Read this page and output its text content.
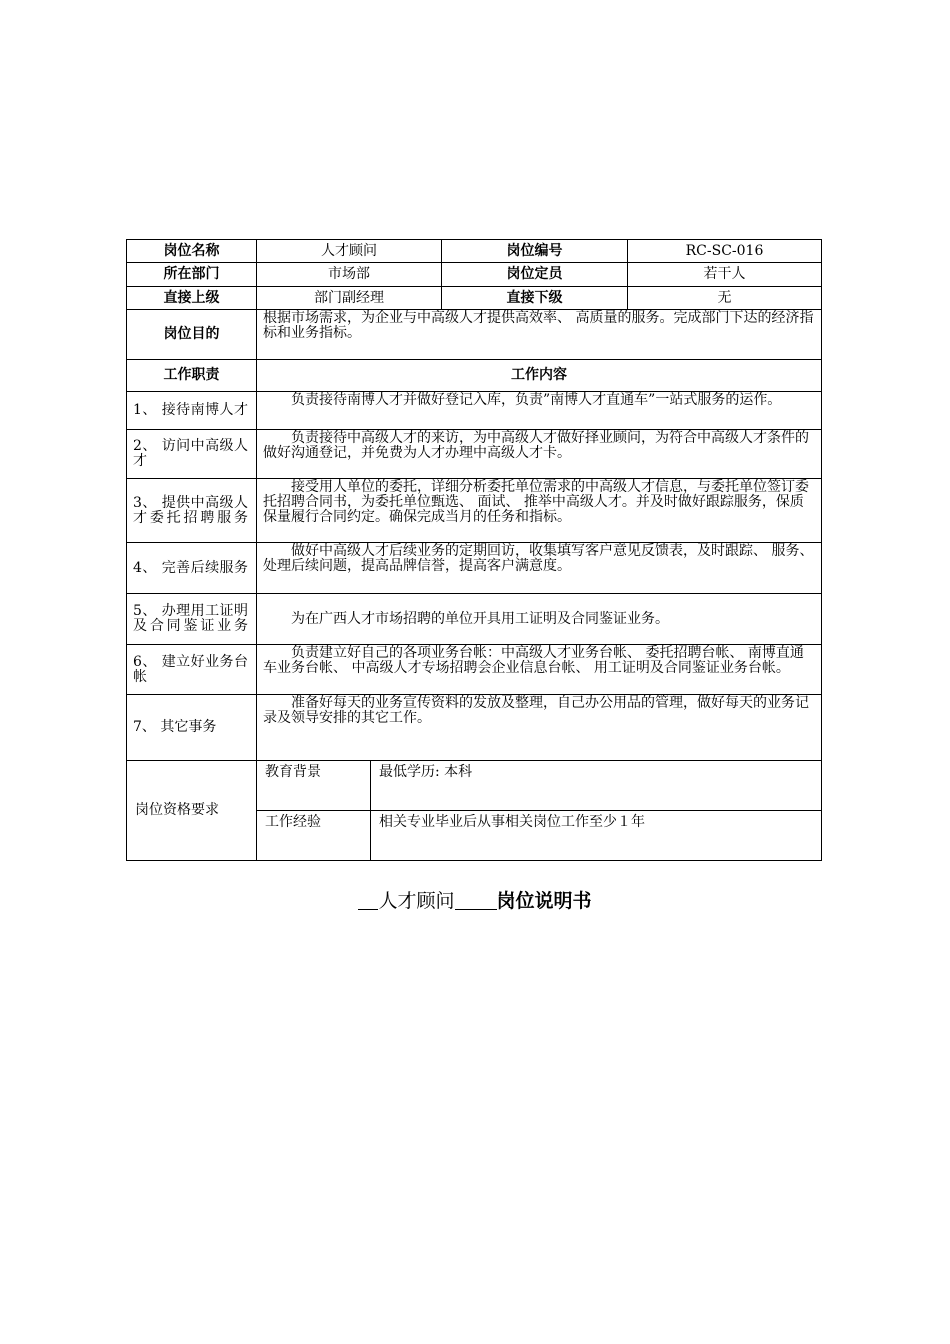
岗位名称	人才顾问		岗位编号	RC-SC-016
所在部门	市场部		岗位定员	若干人
直接上级	部门副经理		直接下级	无
岗位目的	根据市场需求，为企业与中高级人才提供高效率、 高质量的服务。完成部门下达的经济指标和业务指标。			
工作职责	工作内容			
1、 接待南博人才	负责接待南博人才并做好登记入库，负责”南博人才直通车”一站式服务的运作。			
2、 访问中高级人才	负责接待中高级人才的来访，为中高级人才做好择业顾问，为符合中高级人才条件的做好沟通登记，并免费为人才办理中高级人才卡。			
3、 提供中高级人才委托招聘服务	接受用人单位的委托，详细分析委托单位需求的中高级人才信息，与委托单位签订委托招聘合同书，为委托单位甄选、 面试、 推举中高级人才。并及时做好跟踪服务，保质保量履行合同约定。确保完成当月的任务和指标。			
4、 完善后续服务	做好中高级人才后续业务的定期回访，收集填写客户意见反馈表，及时跟踪、 服务、 处理后续问题，提高品牌信誉，提高客户满意度。			
5、 办理用工证明及合同鉴证业务	为在广西人才市场招聘的单位开具用工证明及合同鉴证业务。			
6、 建立好业务台帐	负责建立好自己的各项业务台帐：中高级人才业务台帐、 委托招聘台帐、 南博直通车业务台帐、 中高级人才专场招聘会企业信息台帐、 用工证明及合同鉴证业务台帐。			
7、 其它事务	准备好每天的业务宣传资料的发放及整理，自己办公用品的管理，做好每天的业务记录及领导安排的其它工作。			
岗位资格要求	教育背景	最低学历: 本科		
	工作经验	相关专业毕业后从事相关岗位工作至少１年		
人才顾问 岗位说明书
